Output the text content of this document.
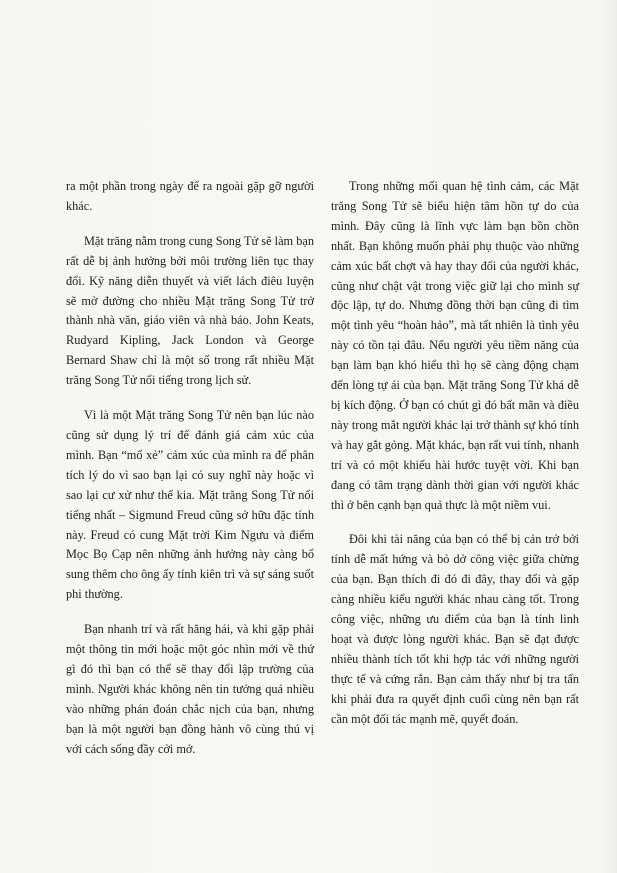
ra một phần trong ngày để ra ngoài gặp gỡ người khác.

Mặt trăng nằm trong cung Song Tử sẽ làm bạn rất dễ bị ảnh hưởng bởi môi trường liên tục thay đổi. Kỹ năng diễn thuyết và viết lách điêu luyện sẽ mở đường cho nhiều Mặt trăng Song Tử trở thành nhà văn, giáo viên và nhà báo. John Keats, Rudyard Kipling, Jack London và George Bernard Shaw chỉ là một số trong rất nhiều Mặt trăng Song Tử nổi tiếng trong lịch sử.

Vì là một Mặt trăng Song Tử nên bạn lúc nào cũng sử dụng lý trí để đánh giá cảm xúc của mình. Bạn “mổ xẻ” cảm xúc của mình ra để phân tích lý do vì sao bạn lại có suy nghĩ này hoặc vì sao lại cư xử như thế kia. Mặt trăng Song Tử nổi tiếng nhất – Sigmund Freud cũng sở hữu đặc tính này. Freud có cung Mặt trời Kim Ngưu và điểm Mọc Bọ Cạp nên những ảnh hưởng này càng bổ sung thêm cho ông ấy tính kiên trì và sự sáng suốt phi thường.

Bạn nhanh trí và rất hăng hái, và khi gặp phải một thông tin mới hoặc một góc nhìn mới về thứ gì đó thì bạn có thể sẽ thay đổi lập trường của mình. Người khác không nên tin tưởng quá nhiều vào những phán đoán chắc nịch của bạn, nhưng bạn là một người bạn đồng hành vô cùng thú vị với cách sống đầy cởi mở.

Trong những mối quan hệ tình cảm, các Mặt trăng Song Tử sẽ biểu hiện tâm hồn tự do của mình. Đây cũng là lĩnh vực làm bạn bồn chồn nhất. Bạn không muốn phải phụ thuộc vào những cảm xúc bất chợt và hay thay đổi của người khác, cũng như chật vật trong việc giữ lại cho mình sự độc lập, tự do. Nhưng đồng thời bạn cũng đi tìm một tình yêu “hoàn hảo”, mà tất nhiên là tình yêu này có tồn tại đâu. Nếu người yêu tiềm năng của bạn làm bạn khó hiểu thì họ sẽ càng động chạm đến lòng tự ái của bạn. Mặt trăng Song Tử khá dễ bị kích động. Ở bạn có chút gì đó bất mãn và điều này trong mắt người khác lại trở thành sự khó tính và hay gắt gỏng. Mặt khác, bạn rất vui tính, nhanh trí và có một khiếu hài hước tuyệt vời. Khi bạn đang có tâm trạng dành thời gian với người khác thì ở bên cạnh bạn quả thực là một niềm vui.

Đôi khi tài năng của bạn có thể bị cản trở bởi tính dễ mất hứng và bỏ dở công việc giữa chừng của bạn. Bạn thích đi đó đi đây, thay đổi và gặp càng nhiều kiểu người khác nhau càng tốt. Trong công việc, những ưu điểm của bạn là tính linh hoạt và được lòng người khác. Bạn sẽ đạt được nhiều thành tích tốt khi hợp tác với những người thực tế và cứng rắn. Bạn cảm thấy như bị tra tấn khi phải đưa ra quyết định cuối cùng nên bạn rất cần một đối tác mạnh mẽ, quyết đoán.
